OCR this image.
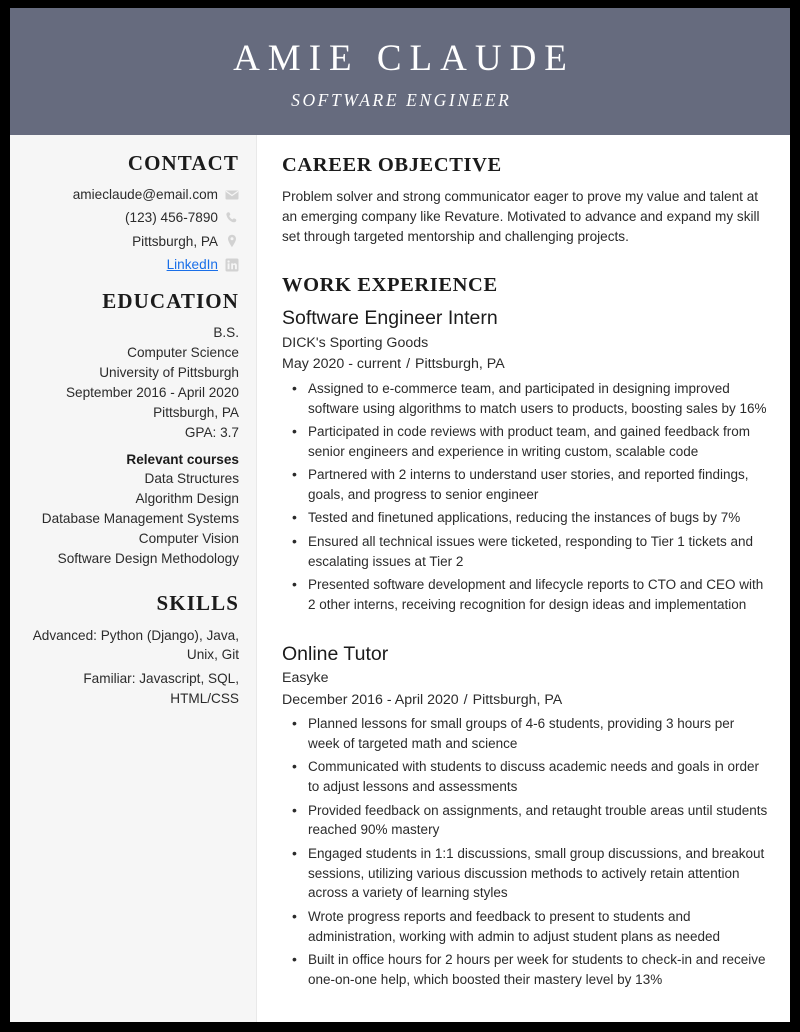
AMIE CLAUDE
SOFTWARE ENGINEER
CONTACT
amieclaude@email.com
(123) 456-7890
Pittsburgh, PA
LinkedIn
EDUCATION
B.S.
Computer Science
University of Pittsburgh
September 2016 - April 2020
Pittsburgh, PA
GPA: 3.7
Relevant courses
Data Structures
Algorithm Design
Database Management Systems
Computer Vision
Software Design Methodology
SKILLS
Advanced: Python (Django), Java, Unix, Git
Familiar: Javascript, SQL, HTML/CSS
CAREER OBJECTIVE

Problem solver and strong communicator eager to prove my value and talent at an emerging company like Revature. Motivated to advance and expand my skill set through targeted mentorship and challenging projects.

WORK EXPERIENCE
Software Engineer Intern
DICK's Sporting Goods
May 2020 - current / Pittsburgh, PA
• Assigned to e-commerce team, and participated in designing improved software using algorithms to match users to products, boosting sales by 16%
• Participated in code reviews with product team, and gained feedback from senior engineers and experience in writing custom, scalable code
• Partnered with 2 interns to understand user stories, and reported findings, goals, and progress to senior engineer
• Tested and finetuned applications, reducing the instances of bugs by 7%
• Ensured all technical issues were ticketed, responding to Tier 1 tickets and escalating issues at Tier 2
• Presented software development and lifecycle reports to CTO and CEO with 2 other interns, receiving recognition for design ideas and implementation
Online Tutor
Easyke
December 2016 - April 2020 / Pittsburgh, PA
• Planned lessons for small groups of 4-6 students, providing 3 hours per week of targeted math and science
• Communicated with students to discuss academic needs and goals in order to adjust lessons and assessments
• Provided feedback on assignments, and retaught trouble areas until students reached 90% mastery
• Engaged students in 1:1 discussions, small group discussions, and breakout sessions, utilizing various discussion methods to actively retain attention across a variety of learning styles
• Wrote progress reports and feedback to present to students and administration, working with admin to adjust student plans as needed
• Built in office hours for 2 hours per week for students to check-in and receive one-on-one help, which boosted their mastery level by 13%
